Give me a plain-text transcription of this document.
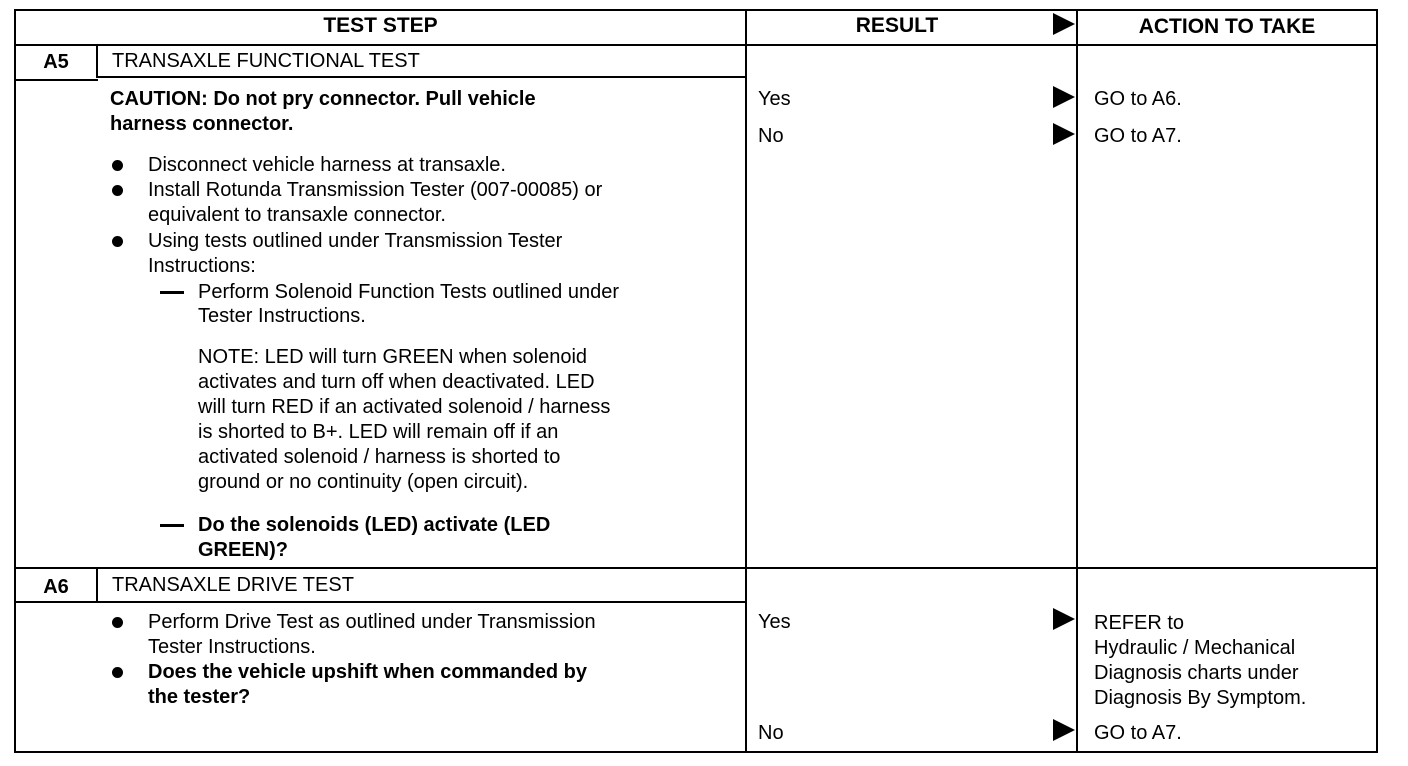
TEST STEP	RESULT	ACTION TO TAKE
A5	TRANSAXLE FUNCTIONAL TEST
CAUTION: Do not pry connector. Pull vehicle
harness connector.
Disconnect vehicle harness at transaxle.
Install Rotunda Transmission Tester (007-00085) or
equivalent to transaxle connector.
Using tests outlined under Transmission Tester
Instructions:
Perform Solenoid Function Tests outlined under
Tester Instructions.
NOTE: LED will turn GREEN when solenoid
activates and turn off when deactivated. LED
will turn RED if an activated solenoid / harness
is shorted to B+. LED will remain off if an
activated solenoid / harness is shorted to
ground or no continuity (open circuit).
Do the solenoids (LED) activate (LED
GREEN)?
Yes	GO to A6.
No	GO to A7.
A6	TRANSAXLE DRIVE TEST
Perform Drive Test as outlined under Transmission
Tester Instructions.
Does the vehicle upshift when commanded by
the tester?
Yes	REFER to
Hydraulic / Mechanical
Diagnosis charts under
Diagnosis By Symptom.
No	GO to A7.
